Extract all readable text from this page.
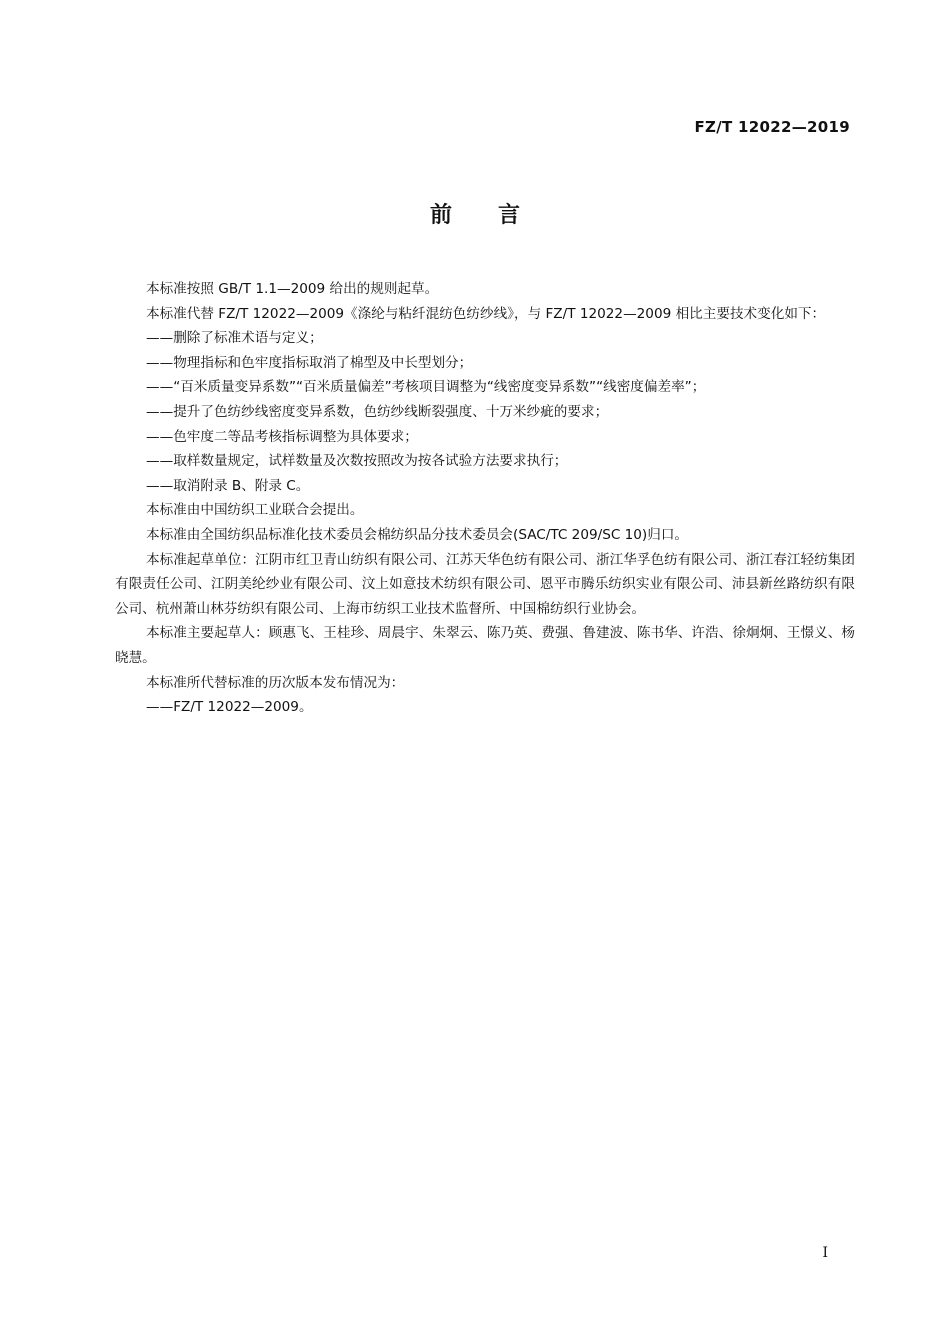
FZ/T 12022—2019
前言

本标准按照 GB/T 1.1—2009 给出的规则起草。

本标准代替 FZ/T 12022—2009《涤纶与粘纤混纺色纺纱线》，与 FZ/T 12022—2009 相比主要技术变化如下：

——删除了标准术语与定义；

——物理指标和色牢度指标取消了棉型及中长型划分；

——“百米质量变异系数”“百米质量偏差”考核项目调整为“线密度变异系数”“线密度偏差率”；

——提升了色纺纱线密度变异系数，色纺纱线断裂强度、十万米纱疵的要求；

——色牢度二等品考核指标调整为具体要求；

——取样数量规定，试样数量及次数按照改为按各试验方法要求执行；

——取消附录 B、附录 C。

本标准由中国纺织工业联合会提出。

本标准由全国纺织品标准化技术委员会棉纺织品分技术委员会(SAC/TC 209/SC 10)归口。

本标准起草单位：江阴市红卫青山纺织有限公司、江苏天华色纺有限公司、浙江华孚色纺有限公司、浙江春江轻纺集团有限责任公司、江阴美纶纱业有限公司、汶上如意技术纺织有限公司、恩平市腾乐纺织实业有限公司、沛县新丝路纺织有限公司、杭州萧山林芬纺织有限公司、上海市纺织工业技术监督所、中国棉纺织行业协会。

本标准主要起草人：顾惠飞、王桂珍、周晨宇、朱翠云、陈乃英、费强、鲁建波、陈书华、许浩、徐炯炯、王憬义、杨晓慧。

本标准所代替标准的历次版本发布情况为：

——FZ/T 12022—2009。

I
